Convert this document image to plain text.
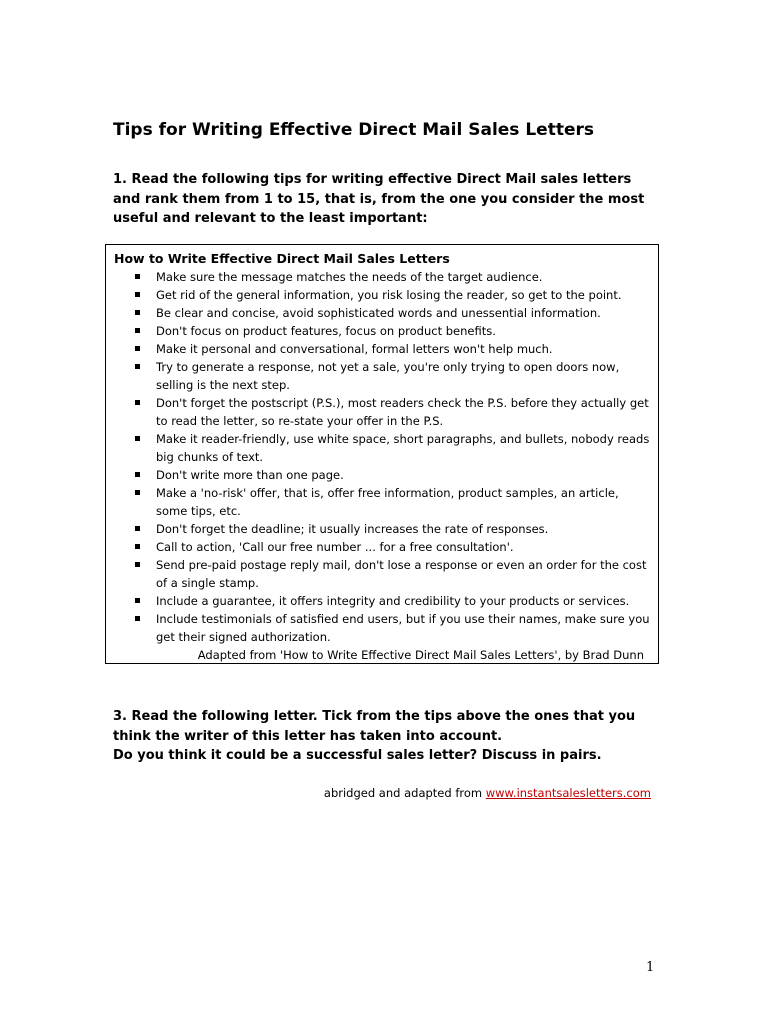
Tips for Writing Effective Direct Mail Sales Letters

1. Read the following tips for writing effective Direct Mail sales letters and rank them from 1 to 15, that is, from the one you consider the most useful and relevant to the least important:

How to Write Effective Direct Mail Sales Letters

Make sure the message matches the needs of the target audience.
Get rid of the general information, you risk losing the reader, so get to the point.
Be clear and concise, avoid sophisticated words and unessential information.
Don't focus on product features, focus on product benefits.
Make it personal and conversational, formal letters won't help much.
Try to generate a response, not yet a sale, you're only trying to open doors now, selling is the next step.
Don't forget the postscript (P.S.), most readers check the P.S. before they actually get to read the letter, so re-state your offer in the P.S.
Make it reader-friendly, use white space, short paragraphs, and bullets, nobody reads big chunks of text.
Don't write more than one page.
Make a 'no-risk' offer, that is, offer free information, product samples, an article, some tips, etc.
Don't forget the deadline; it usually increases the rate of responses.
Call to action, 'Call our free number ... for a free consultation'.
Send pre-paid postage reply mail, don't lose a response or even an order for the cost of a single stamp.
Include a guarantee, it offers integrity and credibility to your products or services.
Include testimonials of satisfied end users, but if you use their names, make sure you get their signed authorization.

Adapted from 'How to Write Effective Direct Mail Sales Letters', by Brad Dunn

3. Read the following letter. Tick from the tips above the ones that you think the writer of this letter has taken into account.
Do you think it could be a successful sales letter? Discuss in pairs.

abridged and adapted from www.instantsalesletters.com

1
